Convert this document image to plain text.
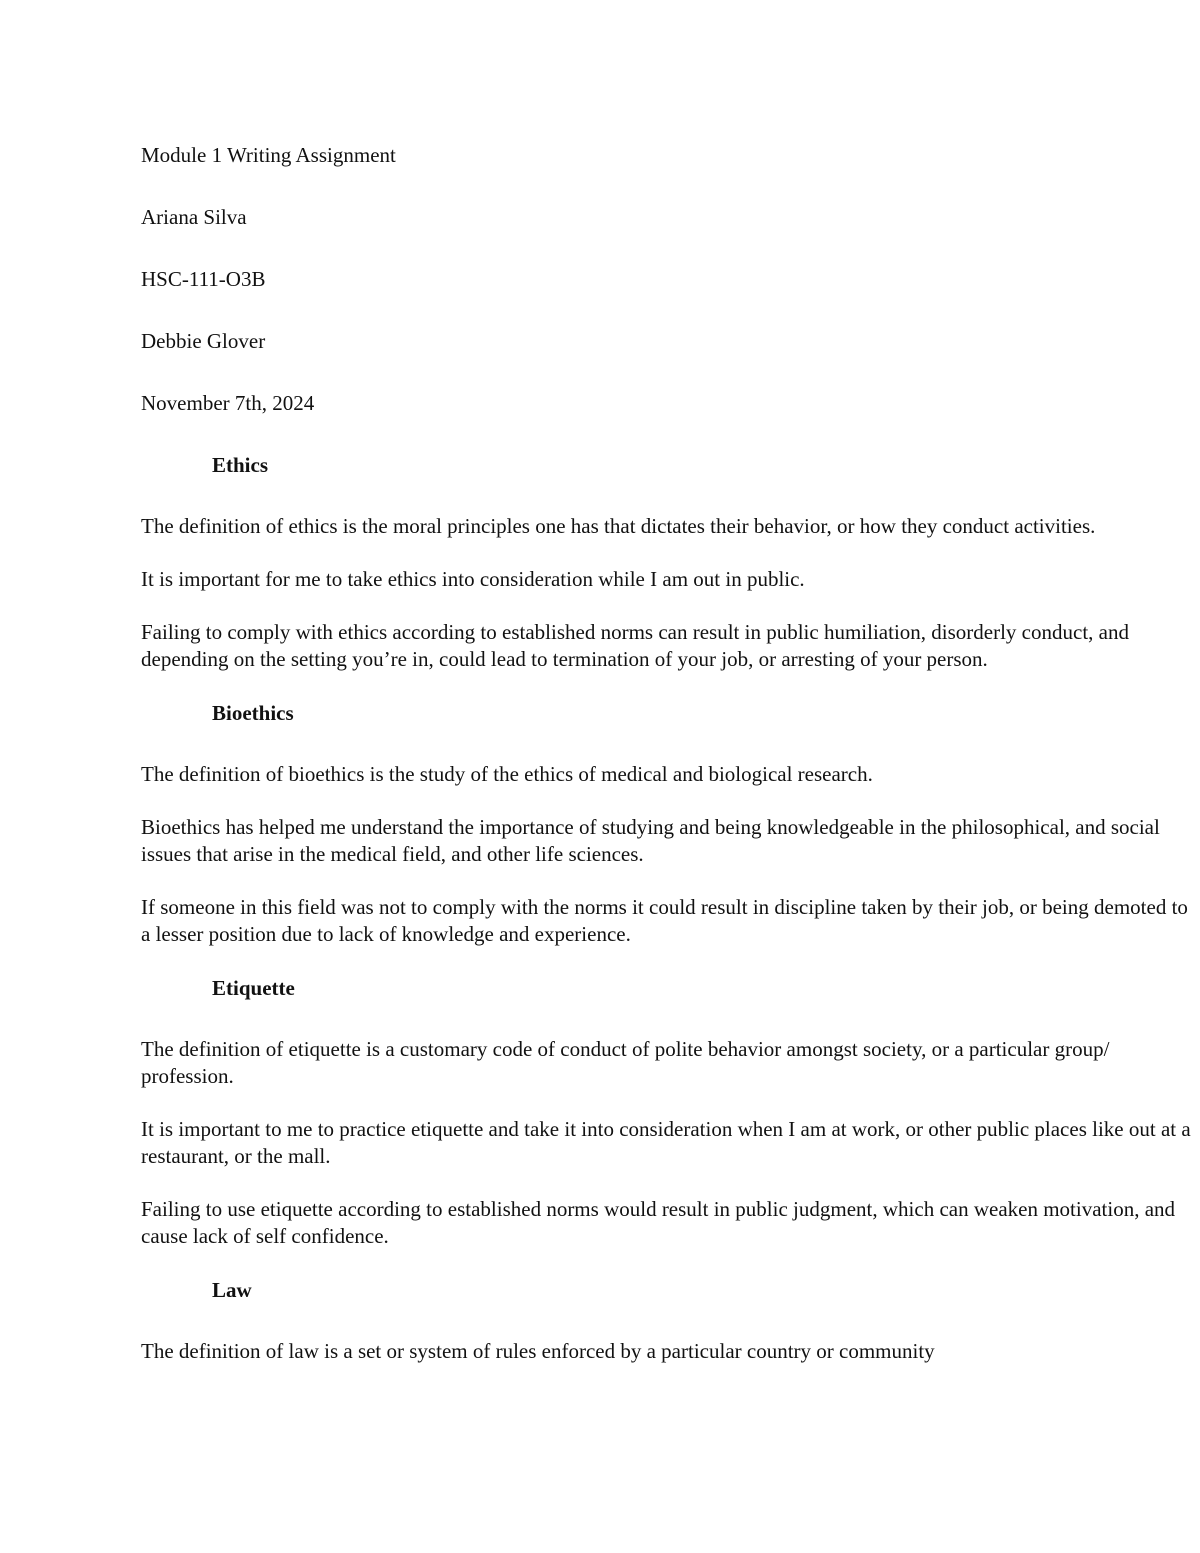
Module 1 Writing Assignment
Ariana Silva
HSC-111-O3B
Debbie Glover
November 7th, 2024
Ethics

The definition of ethics is the moral principles one has that dictates their behavior, or how they conduct activities.

It is important for me to take ethics into consideration while I am out in public.

Failing to comply with ethics according to established norms can result in public humiliation, disorderly conduct, and depending on the setting you’re in, could lead to termination of your job, or arresting of your person.

Bioethics

The definition of bioethics is the study of the ethics of medical and biological research.

Bioethics has helped me understand the importance of studying and being knowledgeable in the philosophical, and social issues that arise in the medical field, and other life sciences.

If someone in this field was not to comply with the norms it could result in discipline taken by their job, or being demoted to a lesser position due to lack of knowledge and experience.

Etiquette

The definition of etiquette is a customary code of conduct of polite behavior amongst society, or a particular group/ profession.

It is important to me to practice etiquette and take it into consideration when I am at work, or other public places like out at a restaurant, or the mall.

Failing to use etiquette according to established norms would result in public judgment, which can weaken motivation, and cause lack of self confidence.

Law

The definition of law is a set or system of rules enforced by a particular country or community
